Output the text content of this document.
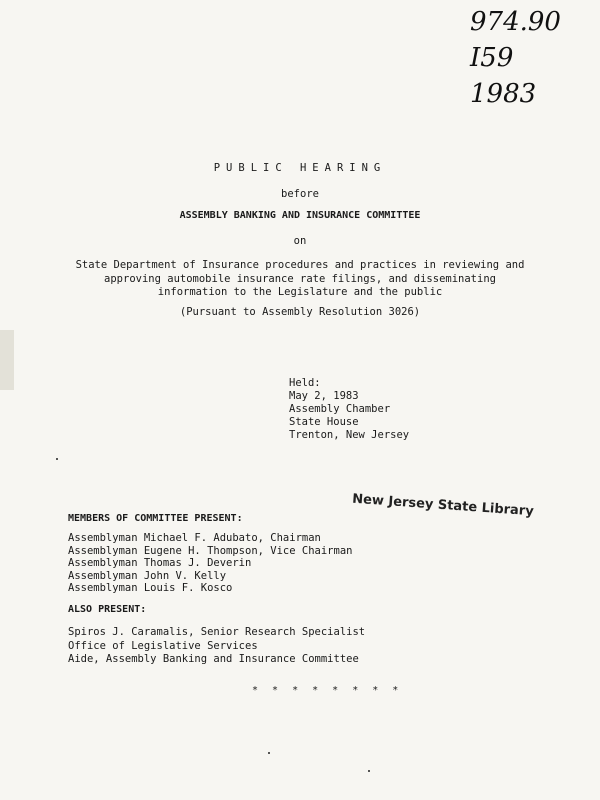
974.90
I59
1983
PUBLIC HEARING
before
ASSEMBLY BANKING AND INSURANCE COMMITTEE
on
State Department of Insurance procedures and practices in reviewing and
approving automobile insurance rate filings, and disseminating
information to the Legislature and the public
(Pursuant to Assembly Resolution 3026)
Held:
May 2, 1983
Assembly Chamber
State House
Trenton, New Jersey
New Jersey State Library
MEMBERS OF COMMITTEE PRESENT:
Assemblyman Michael F. Adubato, Chairman
Assemblyman Eugene H. Thompson, Vice Chairman
Assemblyman Thomas J. Deverin
Assemblyman John V. Kelly
Assemblyman Louis F. Kosco
ALSO PRESENT:
Spiros J. Caramalis, Senior Research Specialist
Office of Legislative Services
Aide, Assembly Banking and Insurance Committee
* * * * * * * *
